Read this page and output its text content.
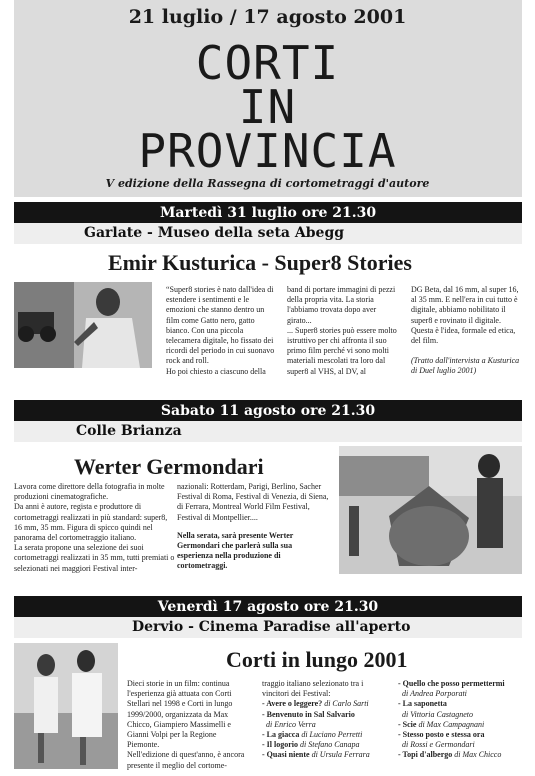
21 luglio / 17 agosto 2001
CORTI
IN
PROVINCIA
V edizione della Rassegna di cortometraggi d'autore
Martedì 31 luglio ore 21.30
Garlate - Museo della seta Abegg
Emir Kusturica - Super8 Stories

“Super8 stories è nato dall'idea di estendere i sentimenti e le emozioni che stanno dentro un film come Gatto nero, gatto bianco. Con una piccola telecamera digitale, ho fissato dei ricordi del periodo in cui suonavo rock and roll.

Ho poi chiesto a ciascuno della

band di portare immagini di pezzi della propria vita. La storia l'abbiamo trovata dopo aver girato...

... Super8 stories può essere molto istruttivo per chi affronta il suo primo film perché vi sono molti materiali mescolati tra loro dal super8 al VHS, al DV, al

DG Beta, dal 16 mm, al super 16, al 35 mm. E nell'era in cui tutto è digitale, abbiamo nobilitato il super8 e rovinato il digitale. Questa è l'idea, formale ed etica, del film.

(Tratto dall'intervista a Kusturica di Duel luglio 2001)

Sabato 11 agosto ore 21.30
Colle Brianza
Werter Germondari

Lavora come direttore della fotografia in molte produzioni cinematografiche.

Da anni è autore, regista e produttore di cortometraggi realizzati in più standard: super8, 16 mm, 35 mm. Figura di spicco quindi nel panorama del cortometraggio italiano.

La serata propone una selezione dei suoi cortometraggi realizzati in 35 mm, tutti premiati o selezionati nei maggiori Festival inter-

nazionali: Rotterdam, Parigi, Berlino, Sacher Festival di Roma, Festival di Venezia, di Siena, di Ferrara, Montreal World Film Festival, Festival di Montpellier....

Nella serata, sarà presente Werter Germondari che parlerà sulla sua esperienza nella produzione di cortometraggi.

Venerdì 17 agosto ore 21.30
Dervio - Cinema Paradise all'aperto
Corti in lungo 2001

Dieci storie in un film: continua l'esperienza già attuata con Corti Stellari nel 1998 e Corti in lungo 1999/2000, organizzata da Max Chicco, Giampiero Massimelli e Gianni Volpi per la Regione Piemonte.

Nell'edizione di quest'anno, è ancora presente il meglio del cortome-

traggio italiano selezionato tra i vincitori dei Festival:

- Avere o leggere? di Carlo Sarti

- Benvenuto in Sal Salvario
di Enrico Verra

- La giacca di Luciano Perretti

- Il logorio di Stefano Canapa

- Quasi niente di Ursula Ferrara

- Quello che posso permettermi
di Andrea Porporati

- La saponetta
di Vittoria Castagneto

- Scie di Max Campagnani

- Stesso posto e stessa ora
di Rossi e Germondari

- Topi d'albergo di Max Chicco
